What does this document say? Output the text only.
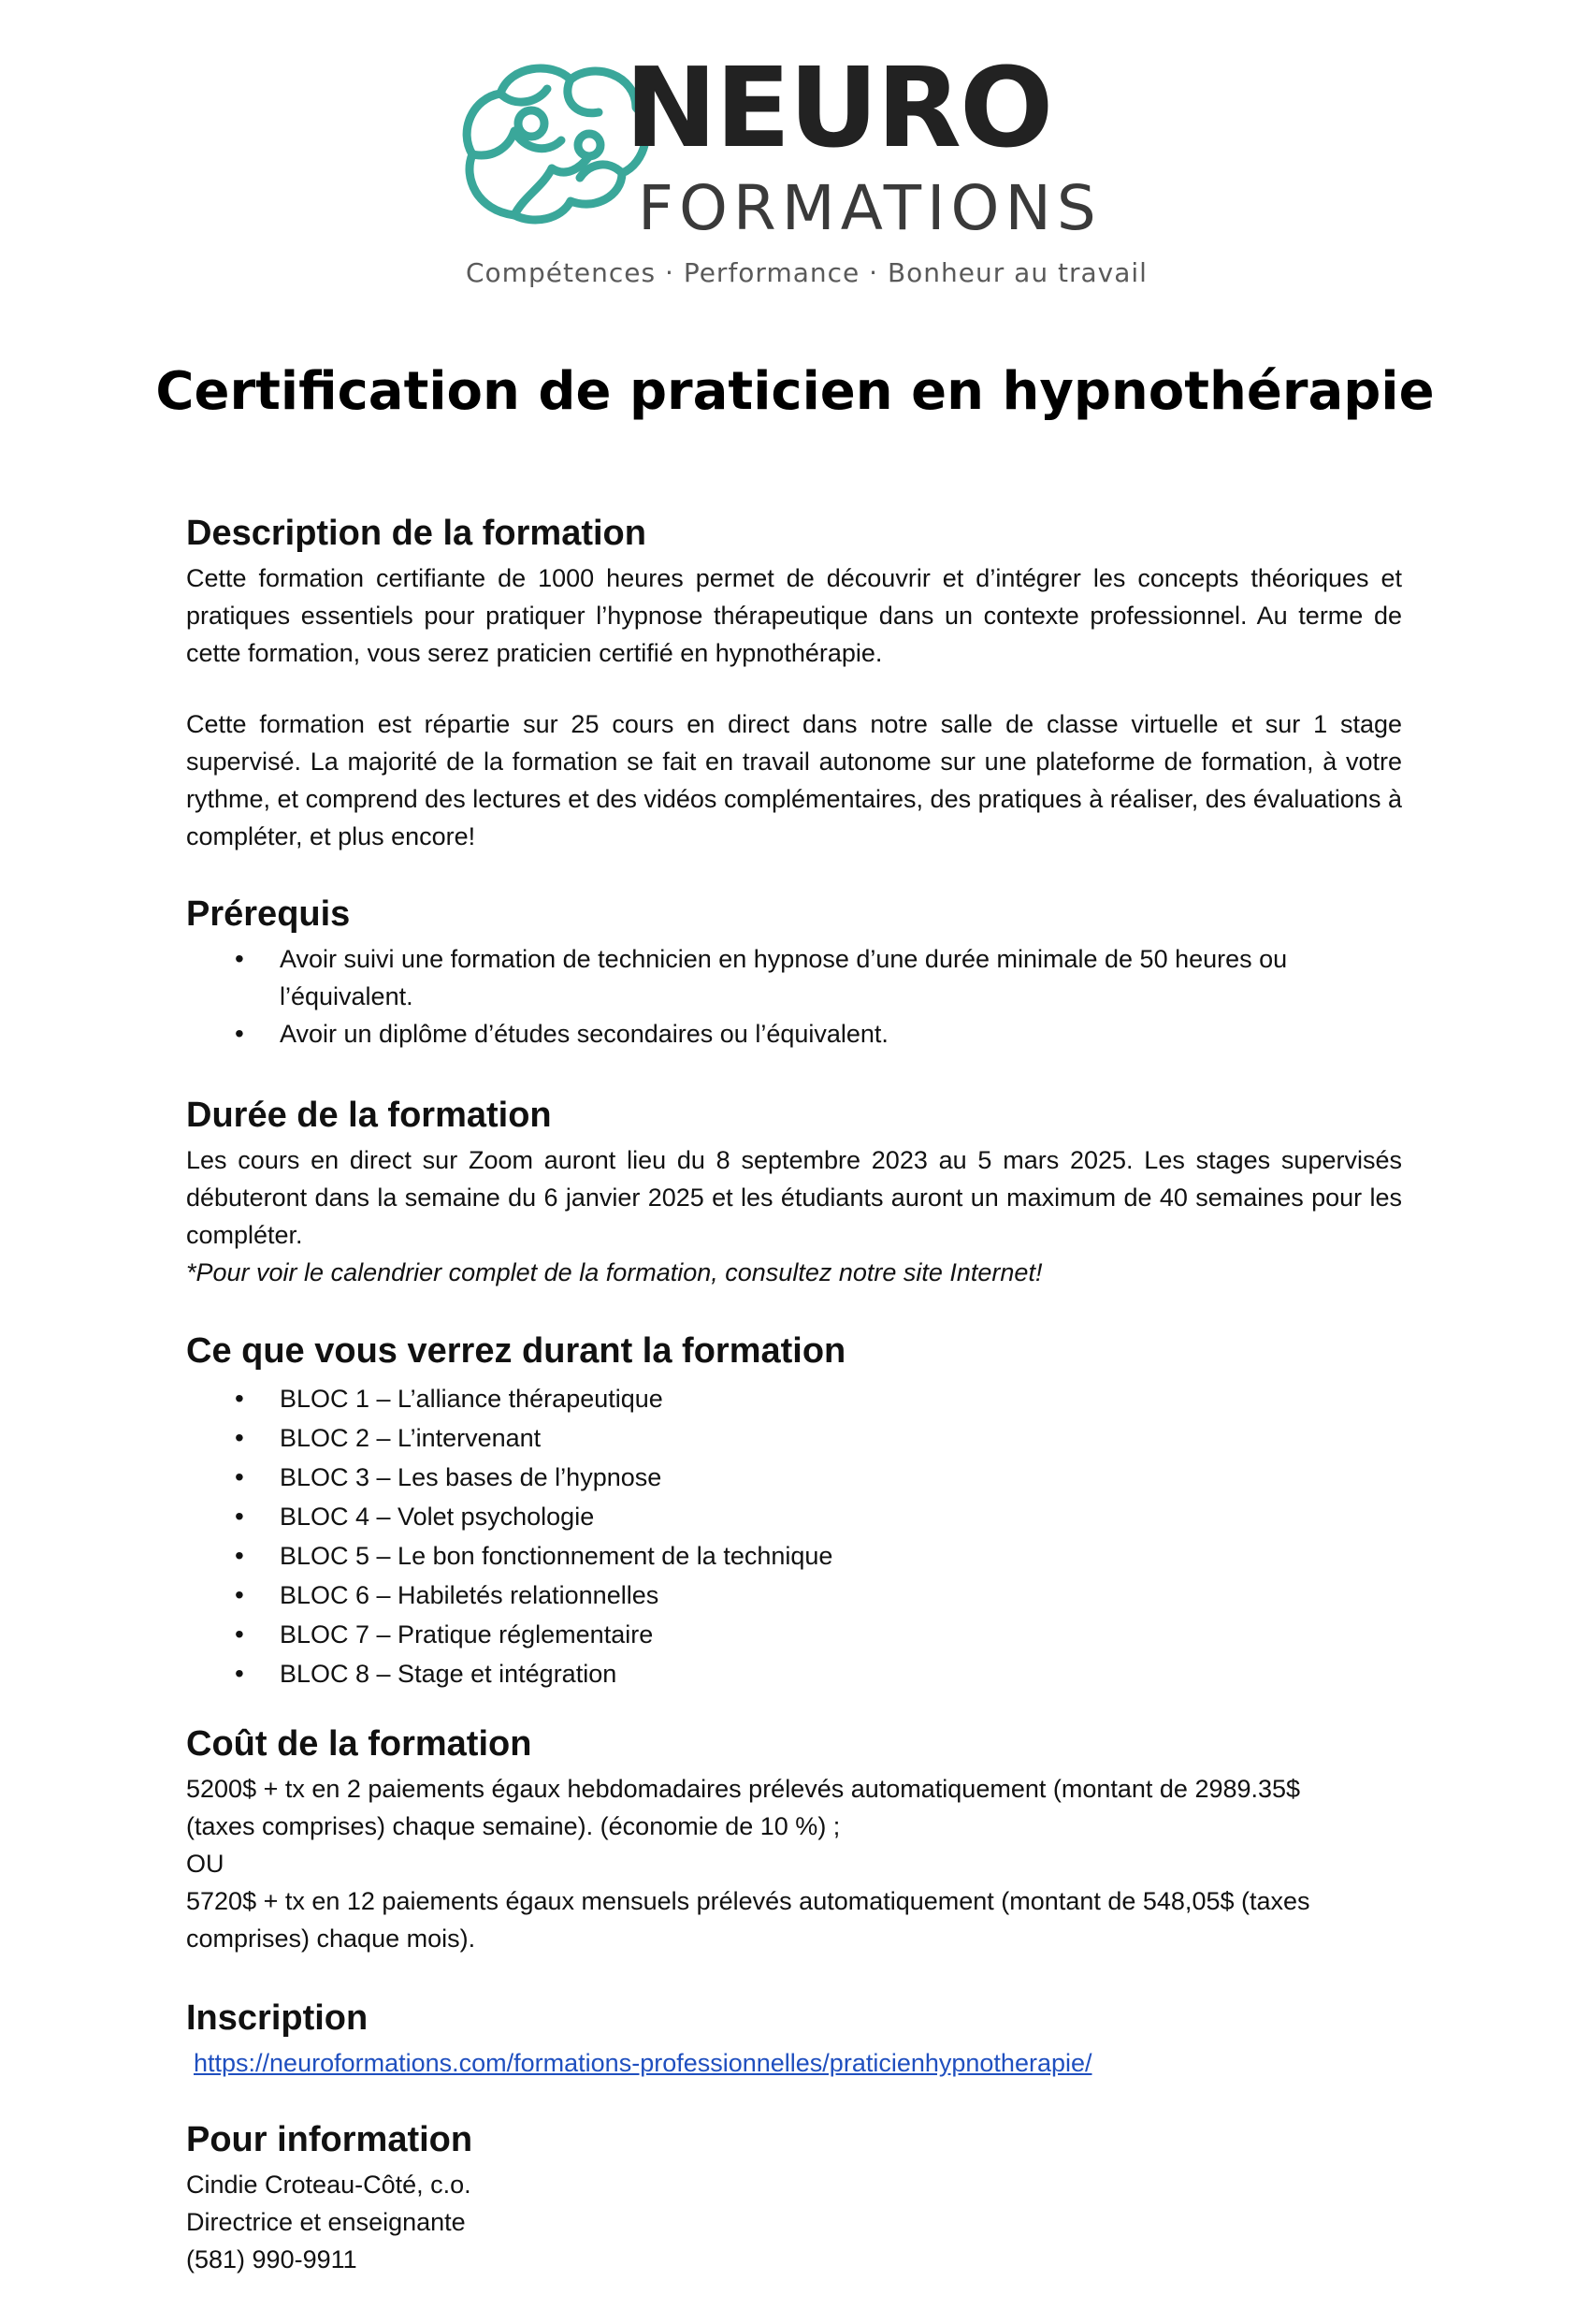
NEURO
FORMATIONS
Compétences · Performance · Bonheur au travail
Certification de praticien en hypnothérapie
Description de la formation

Cette formation certifiante de 1000 heures permet de découvrir et d’intégrer les concepts théoriques et pratiques essentiels pour pratiquer l’hypnose thérapeutique dans un contexte professionnel. Au terme de cette formation, vous serez praticien certifié en hypnothérapie.

Cette formation est répartie sur 25 cours en direct dans notre salle de classe virtuelle et sur 1 stage supervisé. La majorité de la formation se fait en travail autonome sur une plateforme de formation, à votre rythme, et comprend des lectures et des vidéos complémentaires, des pratiques à réaliser, des évaluations à compléter, et plus encore!

Prérequis
• Avoir suivi une formation de technicien en hypnose d’une durée minimale de 50 heures ou l’équivalent.
• Avoir un diplôme d’études secondaires ou l’équivalent.
Durée de la formation

Les cours en direct sur Zoom auront lieu du 8 septembre 2023 au 5 mars 2025. Les stages supervisés débuteront dans la semaine du 6 janvier 2025 et les étudiants auront un maximum de 40 semaines pour les compléter.

*Pour voir le calendrier complet de la formation, consultez notre site Internet!

Ce que vous verrez durant la formation
• BLOC 1 – L’alliance thérapeutique
• BLOC 2 – L’intervenant
• BLOC 3 – Les bases de l’hypnose
• BLOC 4 – Volet psychologie
• BLOC 5 – Le bon fonctionnement de la technique
• BLOC 6 – Habiletés relationnelles
• BLOC 7 – Pratique réglementaire
• BLOC 8 – Stage et intégration
Coût de la formation

5200$ + tx en 2 paiements égaux hebdomadaires prélevés automatiquement (montant de 2989.35$ (taxes comprises) chaque semaine). (économie de 10 %) ;

OU

5720$ + tx en 12 paiements égaux mensuels prélevés automatiquement (montant de 548,05$ (taxes comprises) chaque mois).

Inscription
https://neuroformations.com/formations-professionnelles/praticienhypnotherapie/
Pour information

Cindie Croteau-Côté, c.o.

Directrice et enseignante

(581) 990-9911
